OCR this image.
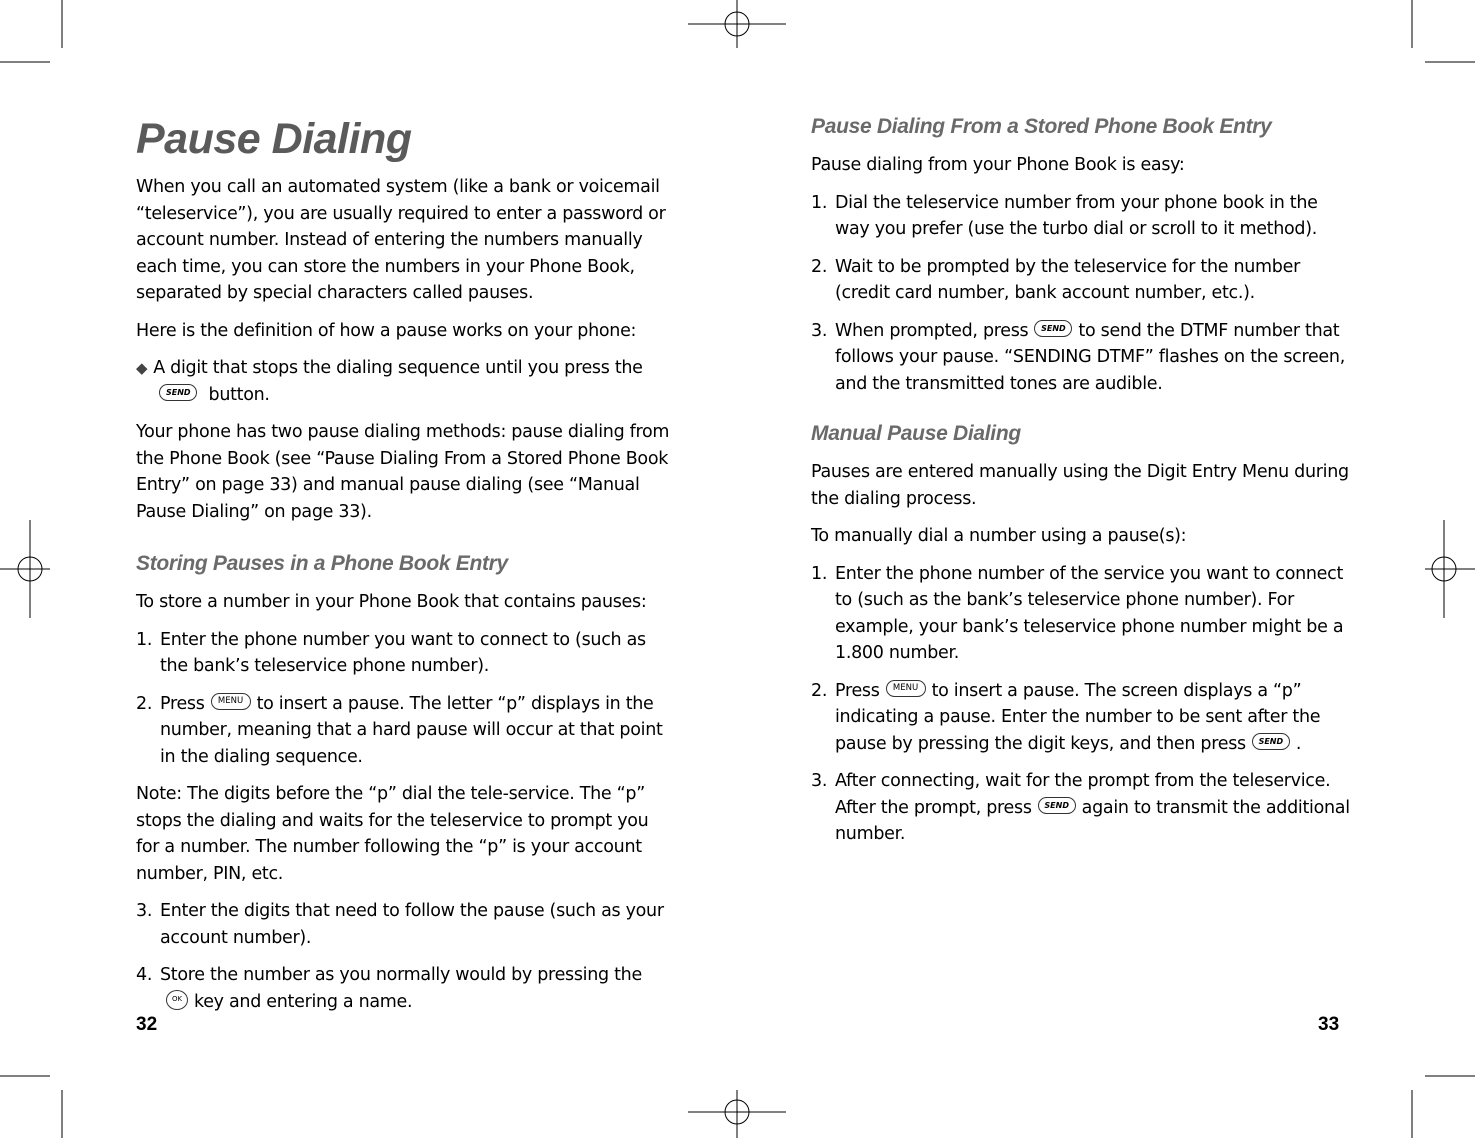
Pause Dialing

When you call an automated system (like a bank or voicemail “teleservice”), you are usually required to enter a password or account number. Instead of entering the numbers manually each time, you can store the numbers in your Phone Book, separated by special characters called pauses.

Here is the definition of how a pause works on your phone:

◆ A digit that stops the dialing sequence until you press the
SEND button.

Your phone has two pause dialing methods: pause dialing from the Phone Book (see “Pause Dialing From a Stored Phone Book Entry” on page 33) and manual pause dialing (see “Manual Pause Dialing” on page 33).

Storing Pauses in a Phone Book Entry

To store a number in your Phone Book that contains pauses:

1. Enter the phone number you want to connect to (such as the bank’s teleservice phone number).
2. Press MENU to insert a pause. The letter “p” displays in the number, meaning that a hard pause will occur at that point in the dialing sequence.

Note: The digits before the “p” dial the tele-service. The “p” stops the dialing and waits for the teleservice to prompt you for a number. The number following the “p” is your account number, PIN, etc.

3. Enter the digits that need to follow the pause (such as your account number).
4. Store the number as you normally would by pressing the
OK key and entering a name.
32
Pause Dialing From a Stored Phone Book Entry

Pause dialing from your Phone Book is easy:

1. Dial the teleservice number from your phone book in the way you prefer (use the turbo dial or scroll to it method).
2. Wait to be prompted by the teleservice for the number (credit card number, bank account number, etc.).
3. When prompted, press SEND to send the DTMF number that follows your pause. “SENDING DTMF” flashes on the screen, and the transmitted tones are audible.
Manual Pause Dialing

Pauses are entered manually using the Digit Entry Menu during the dialing process.

To manually dial a number using a pause(s):

1. Enter the phone number of the service you want to connect to (such as the bank’s teleservice phone number). For example, your bank’s teleservice phone number might be a 1.800 number.
2. Press MENU to insert a pause. The screen displays a “p” indicating a pause. Enter the number to be sent after the pause by pressing the digit keys, and then press SEND .
3. After connecting, wait for the prompt from the teleservice. After the prompt, press SEND again to transmit the additional number.
33
